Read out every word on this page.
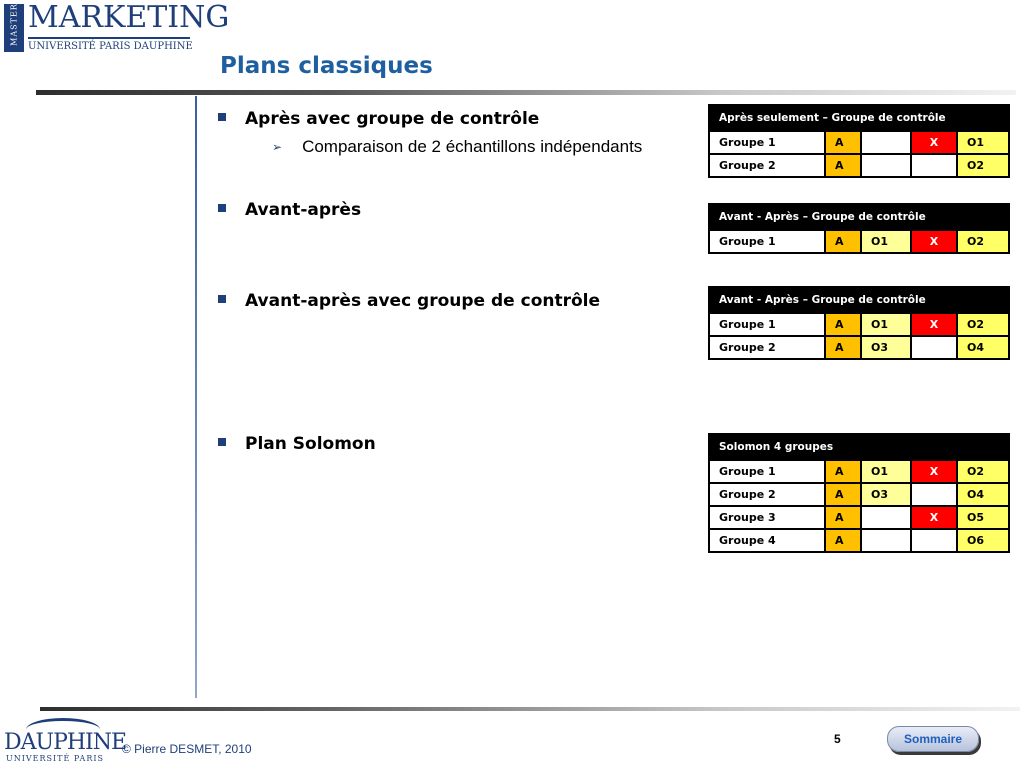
MASTER MARKETING
UNIVERSITÉ PARIS DAUPHINE
Plans classiques
Après avec groupe de contrôle
➢ Comparaison de 2 échantillons indépendants
Avant-après
Avant-après avec groupe de contrôle
Plan Solomon
Après seulement – Groupe de contrôle				
Groupe 1	A		X	O1
Groupe 2	A			O2
Avant - Après – Groupe de contrôle
Groupe 1	A	O1	X	O2
Avant - Après – Groupe de contrôle				
Groupe 1	A	O1	X	O2
Groupe 2	A	O3		O4
Solomon 4 groupes				
Groupe 1	A	O1	X	O2
Groupe 2	A	O3		O4
Groupe 3	A		X	O5
Groupe 4	A			O6
DAUPHINE
UNIVERSITÉ PARIS
© Pierre DESMET, 2010
5	Sommaire
